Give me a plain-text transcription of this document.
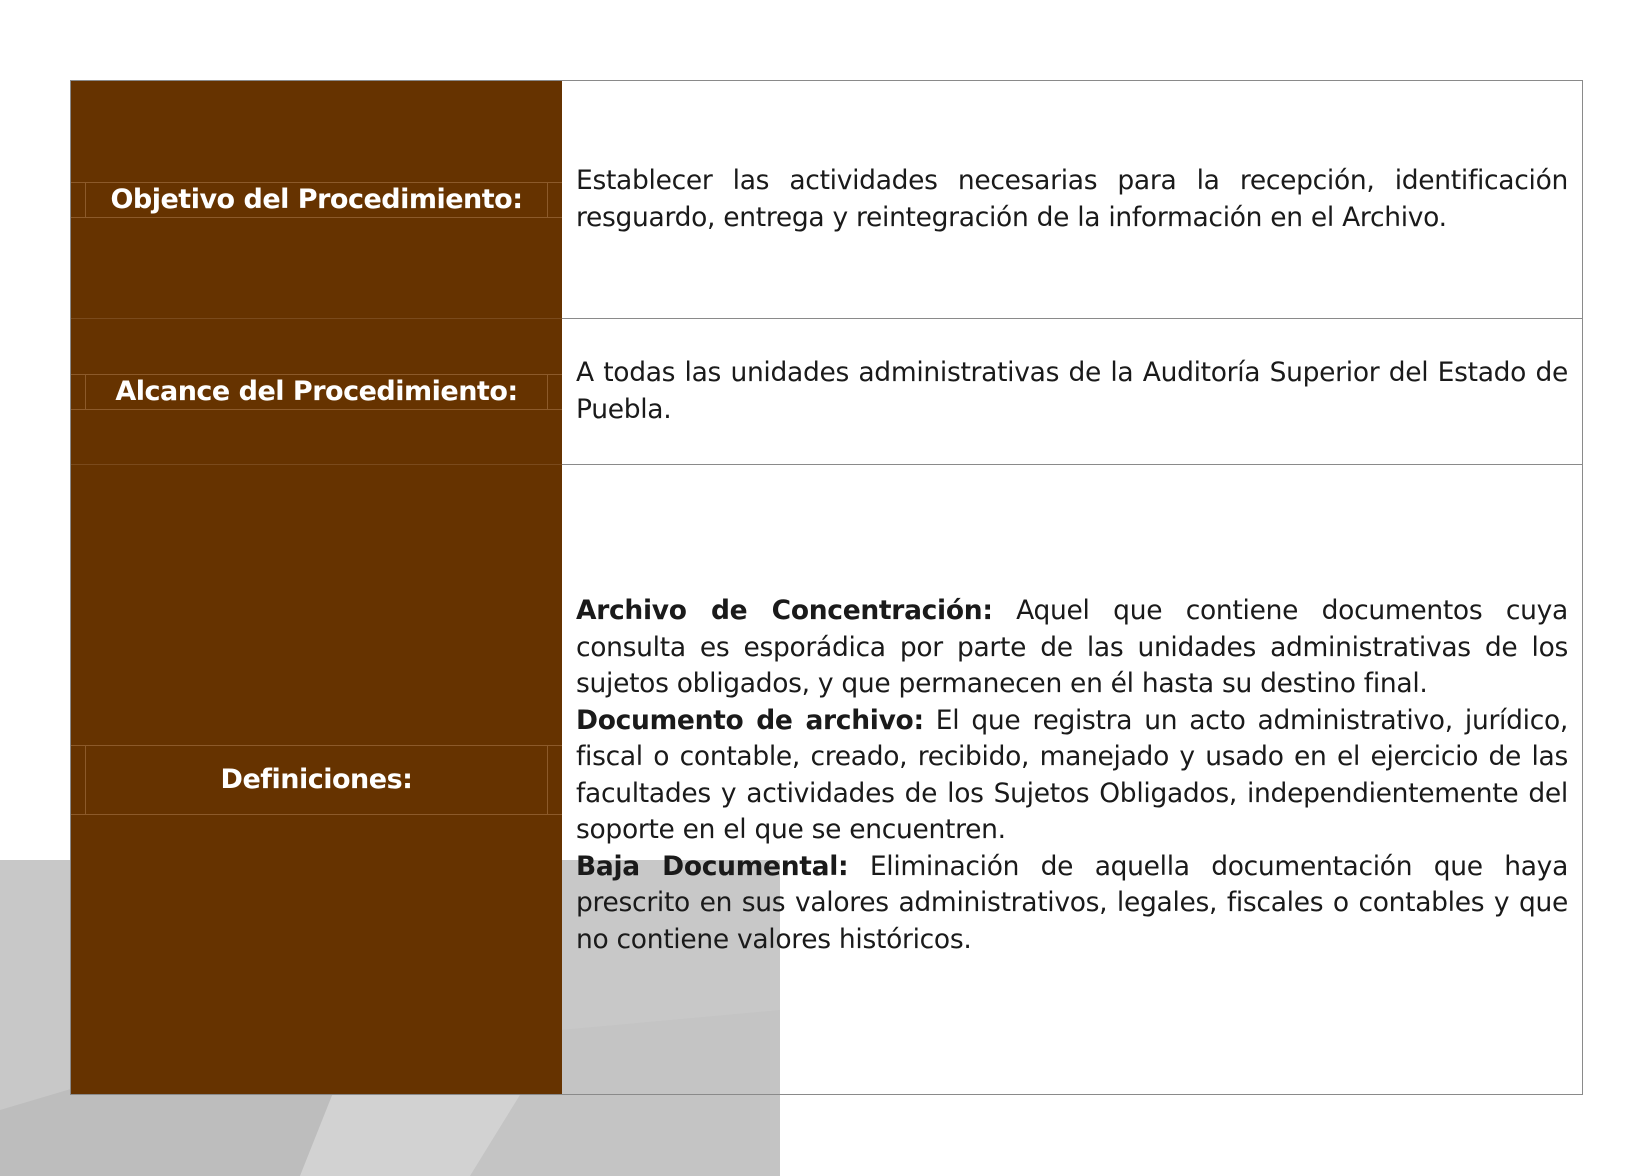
Objetivo del Procedimiento:

Establecer las actividades necesarias para la recepción, identificación resguardo, entrega y reintegración de la información en el Archivo.

Alcance del Procedimiento:

A todas las unidades administrativas de la Auditoría Superior del Estado de Puebla.

Definiciones:

Archivo de Concentración: Aquel que contiene documentos cuya consulta es esporádica por parte de las unidades administrativas de los sujetos obligados, y que permanecen en él hasta su destino final.

Documento de archivo: El que registra un acto administrativo, jurídico, fiscal o contable, creado, recibido, manejado y usado en el ejercicio de las facultades y actividades de los Sujetos Obligados, independientemente del soporte en el que se encuentren.

Baja Documental: Eliminación de aquella documentación que haya prescrito en sus valores administrativos, legales, fiscales o contables y que no contiene valores históricos.
